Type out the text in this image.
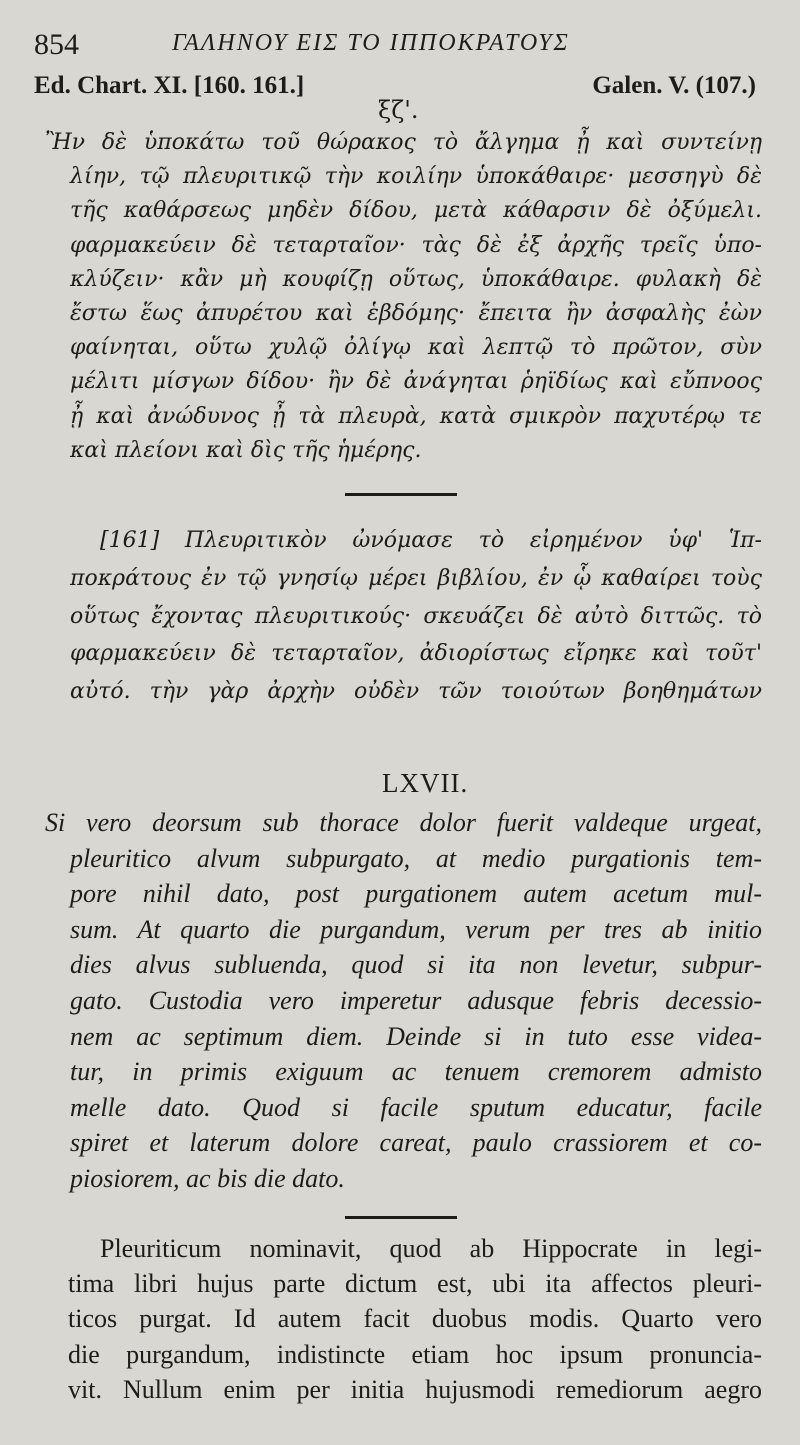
854	ΓΑΛΗΝΟΥ ΕΙΣ ΤΟ ΙΠΠΟΚΡΑΤΟΥΣ
Ed. Chart. XI. [160. 161.]	Galen. V. (107.)
ξζ'.
Ἢν δὲ ὑποκάτω τοῦ θώρακος τὸ ἄλγημα ᾖ καὶ συντείνῃ
λίην, τῷ πλευριτικῷ τὴν κοιλίην ὑποκάθαιρε· μεσσηγὺ δὲ
τῆς καθάρσεως μηδὲν δίδου, μετὰ κάθαρσιν δὲ ὀξύμελι.
φαρμακεύειν δὲ τεταρταῖον· τὰς δὲ ἐξ ἀρχῆς τρεῖς ὑπο-
κλύζειν· κἂν μὴ κουφίζῃ οὕτως, ὑποκάθαιρε. φυλακὴ δὲ
ἔστω ἕως ἀπυρέτου καὶ ἑβδόμης· ἔπειτα ἢν ἀσφαλὴς ἐὼν
φαίνηται, οὕτω χυλῷ ὀλίγῳ καὶ λεπτῷ τὸ πρῶτον, σὺν
μέλιτι μίσγων δίδου· ἢν δὲ ἀνάγηται ῥηϊδίως καὶ εὔπνοος
ᾖ καὶ ἀνώδυνος ᾖ τὰ πλευρὰ, κατὰ σμικρὸν παχυτέρῳ τε
καὶ πλείονι καὶ δὶς τῆς ἡμέρης.
[161] Πλευριτικὸν ὠνόμασε τὸ εἰρημένον ὑφ' Ἱπ-
ποκράτους ἐν τῷ γνησίῳ μέρει βιβλίου, ἐν ᾧ καθαίρει τοὺς
οὕτως ἔχοντας πλευριτικούς· σκευάζει δὲ αὐτὸ διττῶς. τὸ
φαρμακεύειν δὲ τεταρταῖον, ἀδιορίστως εἴρηκε καὶ τοῦτ'
αὐτό. τὴν γὰρ ἀρχὴν οὐδὲν τῶν τοιούτων βοηθημάτων
LXVII.
Si vero deorsum sub thorace dolor fuerit valdeque urgeat,
pleuritico alvum subpurgato, at medio purgationis tem-
pore nihil dato, post purgationem autem acetum mul-
sum. At quarto die purgandum, verum per tres ab initio
dies alvus subluenda, quod si ita non levetur, subpur-
gato. Custodia vero imperetur adusque febris decessio-
nem ac septimum diem. Deinde si in tuto esse videa-
tur, in primis exiguum ac tenuem cremorem admisto
melle dato. Quod si facile sputum educatur, facile
spiret et laterum dolore careat, paulo crassiorem et co-
piosiorem, ac bis die dato.
Pleuriticum nominavit, quod ab Hippocrate in legi-
tima libri hujus parte dictum est, ubi ita affectos pleuri-
ticos purgat. Id autem facit duobus modis. Quarto vero
die purgandum, indistincte etiam hoc ipsum pronuncia-
vit. Nullum enim per initia hujusmodi remediorum aegro
